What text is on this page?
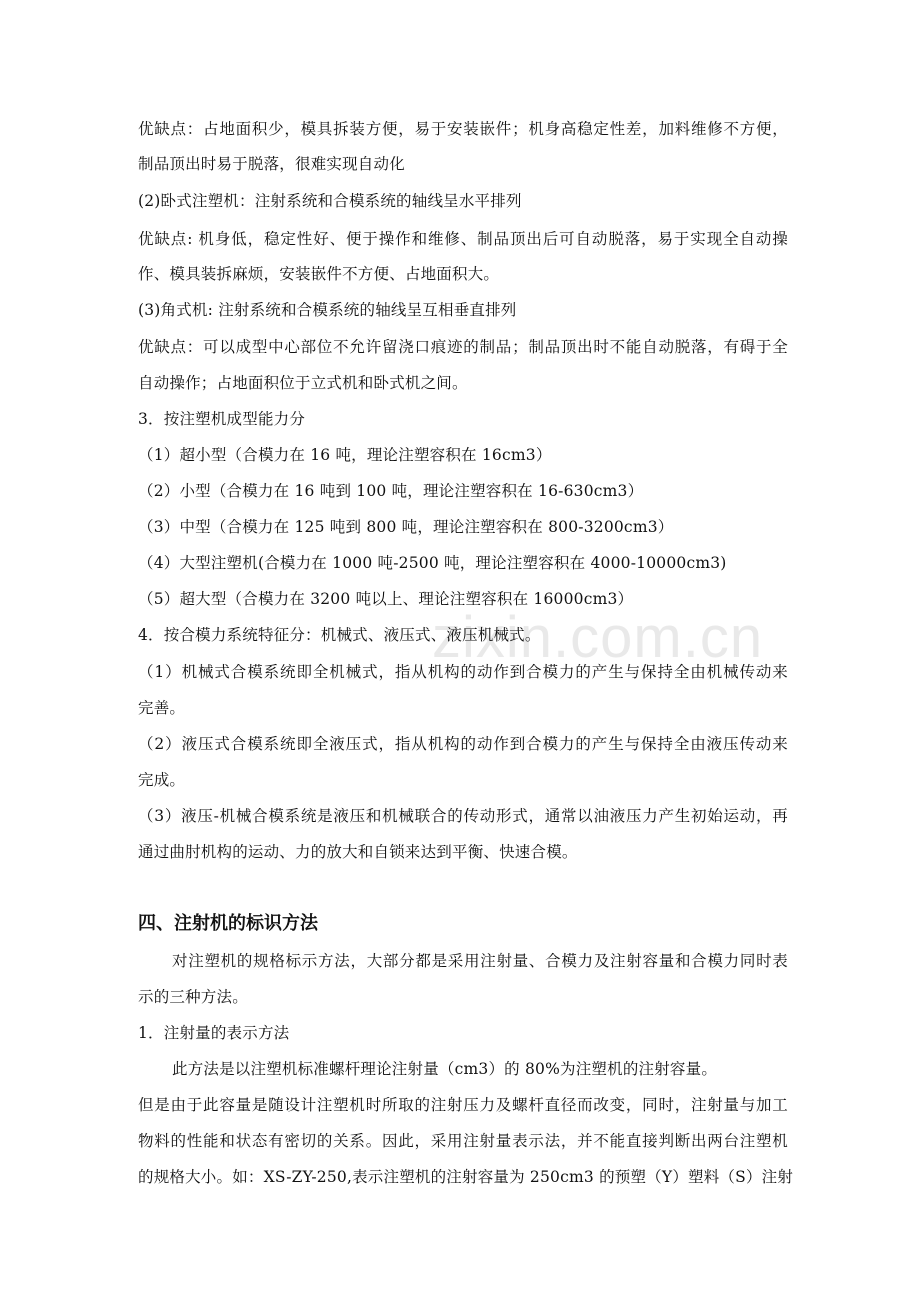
zixin.com.cn
优缺点：占地面积少，模具拆装方便，易于安装嵌件；机身高稳定性差，加料维修不方便，
制品顶出时易于脱落，很难实现自动化
(2)卧式注塑机：注射系统和合模系统的轴线呈水平排列
优缺点: 机身低，稳定性好、便于操作和维修、制品顶出后可自动脱落，易于实现全自动操
作、模具装拆麻烦，安装嵌件不方便、占地面积大。
(3)角式机: 注射系统和合模系统的轴线呈互相垂直排列
优缺点：可以成型中心部位不允许留浇口痕迹的制品；制品顶出时不能自动脱落，有碍于全
自动操作；占地面积位于立式机和卧式机之间。
3．按注塑机成型能力分
（1）超小型（合模力在 16 吨，理论注塑容积在 16cm3）
（2）小型（合模力在 16 吨到 100 吨，理论注塑容积在 16-630cm3）
（3）中型（合模力在 125 吨到 800 吨，理论注塑容积在 800-3200cm3）
（4）大型注塑机(合模力在 1000 吨-2500 吨，理论注塑容积在 4000-10000cm3)
（5）超大型（合模力在 3200 吨以上、理论注塑容积在 16000cm3）
4．按合模力系统特征分：机械式、液压式、液压机械式。
（1）机械式合模系统即全机械式，指从机构的动作到合模力的产生与保持全由机械传动来
完善。
（2）液压式合模系统即全液压式，指从机构的动作到合模力的产生与保持全由液压传动来
完成。
（3）液压-机械合模系统是液压和机械联合的传动形式，通常以油液压力产生初始运动，再
通过曲肘机构的运动、力的放大和自锁来达到平衡、快速合模。
四、注射机的标识方法
对注塑机的规格标示方法，大部分都是采用注射量、合模力及注射容量和合模力同时表
示的三种方法。
1．注射量的表示方法
此方法是以注塑机标准螺杆理论注射量（cm3）的 80%为注塑机的注射容量。
但是由于此容量是随设计注塑机时所取的注射压力及螺杆直径而改变，同时，注射量与加工
物料的性能和状态有密切的关系。因此，采用注射量表示法，并不能直接判断出两台注塑机
的规格大小。如：XS-ZY-250,表示注塑机的注射容量为 250cm3 的预塑（Y）塑料（S）注射
